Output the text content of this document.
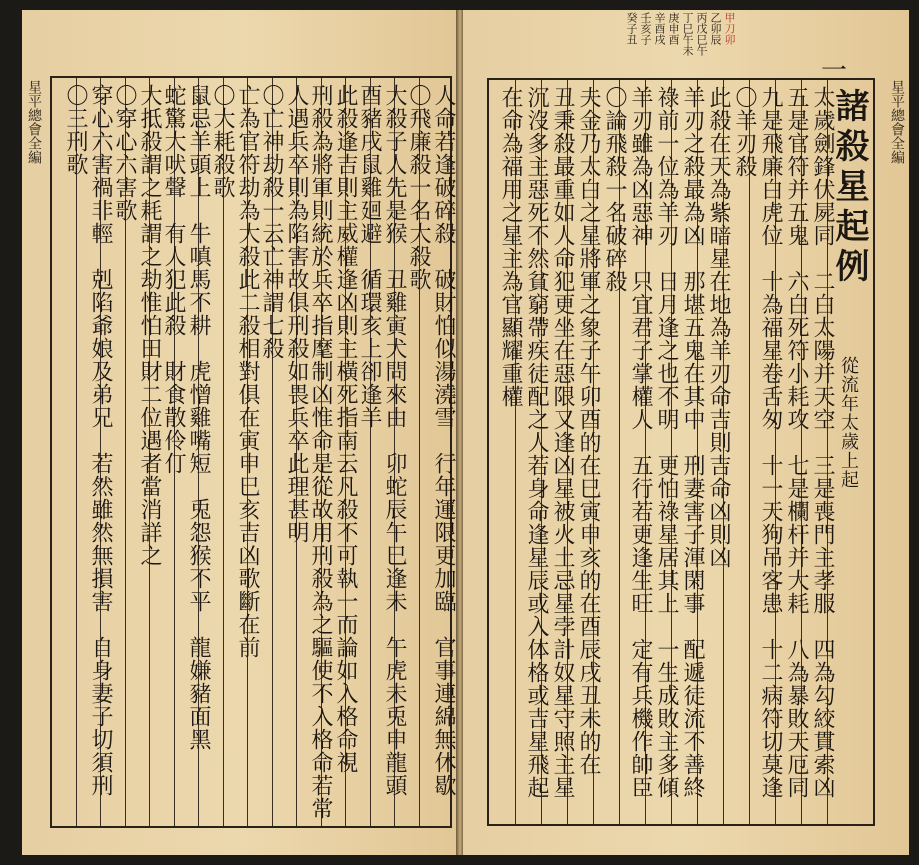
星平總會全編	人命若逢破碎殺　破財怕似湯澆雪　行年運限更加臨　官事連綿無休歇
〇飛廉殺一名大殺歌
大殺子人先是猴　丑雞寅犬問來由　卯蛇辰午巳逢未　午虎未兎申龍頭
酉豬戌鼠雞廻避　循環亥上卻逢羊
此殺逢吉則主威權逢凶則主橫死指南云凡殺不可執一而論如入格命視
刑殺為將軍則統於兵卒指麾制凶惟命是從故用刑殺為之驅使不入格命若常
人遇兵卒則為陷害故俱刑殺如畏兵卒此理甚明
〇亡神劫殺一云亡神謂七殺
亡為官符劫為大殺此二殺相對俱在寅申巳亥吉凶歌斷在前
〇大耗殺歌
鼠忌羊頭上　牛嗔馬不耕　虎憎雞嘴短　兎怨猴不平　龍嫌豬面黑
蛇驚大吠聲　有人犯此殺　財食散伶仃
大抵殺謂之耗謂之劫惟怕田財二位遇者當消詳之
〇穿心六害歌
穿心六害禍非輕　剋陷爺娘及弟兄　若然雖然無損害　自身妻子切須刑
〇三刑歌	星平總會全編
一
甲刀卯
乙卯辰
丙戊巳午
丁巳午未
庚申酉
辛酉戌
壬亥子
癸子丑
諸殺星起例
從流年太歲上起
太歲劍鋒伏屍同　二白太陽并天空　三是喪門主孝服　四為勾絞貫索凶
五是官符并五鬼　六白死符小耗攻　七是欄杆并大耗　八為暴敗天厄同
九是飛廉白虎位　十為福星卷舌匆　十一天狗吊客患　十二病符切莫逢
〇羊刃殺
此殺在天為紫暗星在地為羊刃命吉則吉命凶則凶
羊刃之殺最為凶　那堪五鬼在其中　刑妻害子渾閑事　配遞徒流不善終
祿前一位為羊刃　日月逢之也不明　更怕祿星居其上　一生成敗主多傾
羊刃雖為凶惡神　只宜君子掌權人　五行若更逢生旺　定有兵機作帥臣
〇論飛殺一名破碎殺
夫金乃太白之星將軍之象子午卯酉的在巳寅申亥的在酉辰戌丑未的在
丑秉殺最重如人命犯更坐在惡限又逢凶星被火土忌星孛計奴星守照主星
沉沒多主惡死不然貧窮帶疾徒配之人若身命逢星辰或入体格或吉星飛起
在命為福用之星主為官顯耀重權
